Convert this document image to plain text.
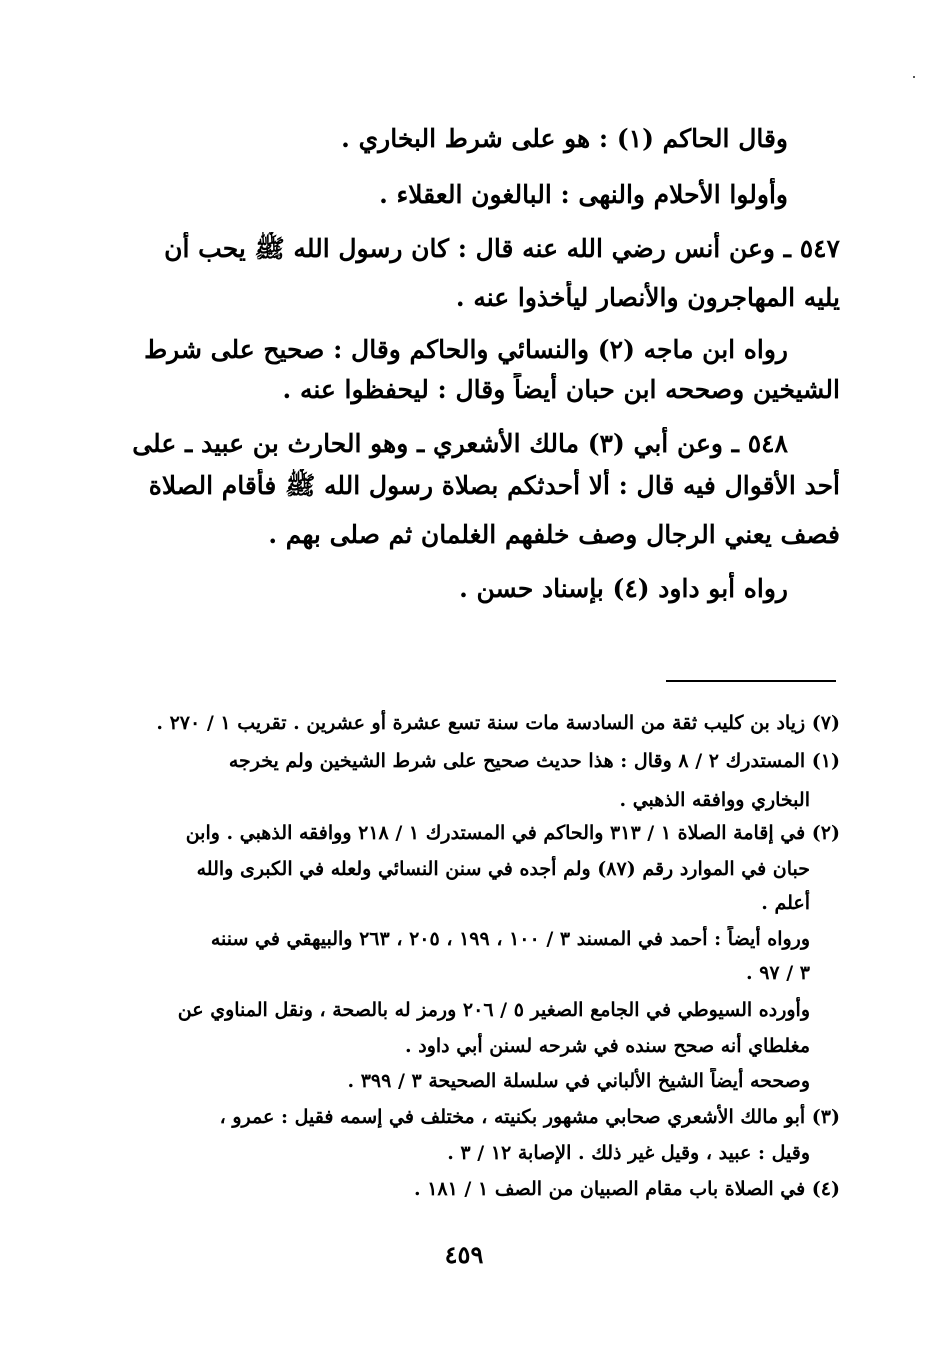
وقال الحاكم (١) : هو على شرط البخاري .
وأولوا الأحلام والنهى : البالغون العقلاء .
٥٤٧ ـ وعن أنس رضي الله عنه قال : كان رسول الله ﷺ يحب أن
يليه المهاجرون والأنصار ليأخذوا عنه .
رواه ابن ماجه (٢) والنسائي والحاكم وقال : صحيح على شرط
الشيخين وصححه ابن حبان أيضاً وقال : ليحفظوا عنه .
٥٤٨ ـ وعن أبي (٣) مالك الأشعري ـ وهو الحارث بن عبيد ـ على
أحد الأقوال فيه قال : ألا أحدثكم بصلاة رسول الله ﷺ فأقام الصلاة
فصف يعني الرجال وصف خلفهم الغلمان ثم صلى بهم .
رواه أبو داود (٤) بإسناد حسن .
(٧) زياد بن كليب ثقة من السادسة مات سنة تسع عشرة أو عشرين . تقريب ١ / ٢٧٠ .
(١) المستدرك ٢ / ٨ وقال : هذا حديث صحيح على شرط الشيخين ولم يخرجه
البخاري ووافقه الذهبي .
(٢) في إقامة الصلاة ١ / ٣١٣ والحاكم في المستدرك ١ / ٢١٨ ووافقه الذهبي . وابن
حبان في الموارد رقم (٨٧) ولم أجده في سنن النسائي ولعله في الكبرى والله
أعلم .
ورواه أيضاً : أحمد في المسند ٣ / ١٠٠ ، ١٩٩ ، ٢٠٥ ، ٢٦٣ والبيهقي في سننه
٣ / ٩٧ .
وأورده السيوطي في الجامع الصغير ٥ / ٢٠٦ ورمز له بالصحة ، ونقل المناوي عن
مغلطاي أنه صحح سنده في شرحه لسنن أبي داود .
وصححه أيضاً الشيخ الألباني في سلسلة الصحيحة ٣ / ٣٩٩ .
(٣) أبو مالك الأشعري صحابي مشهور بكنيته ، مختلف في إسمه فقيل : عمرو ،
وقيل : عبيد ، وقيل غير ذلك . الإصابة ١٢ / ٣ .
(٤) في الصلاة باب مقام الصبيان من الصف ١ / ١٨١ .
٤٥٩
